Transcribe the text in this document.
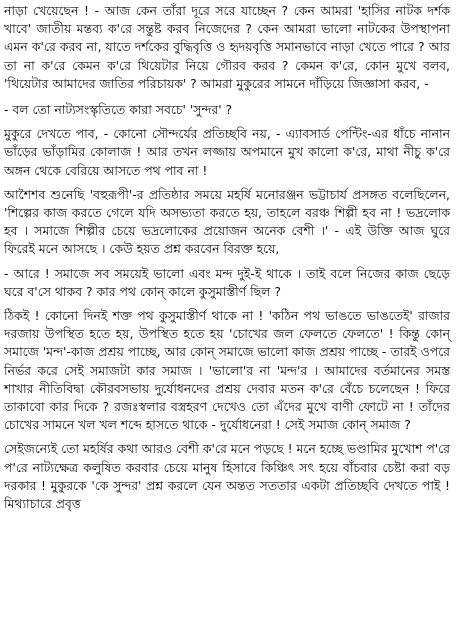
নাড়া খেয়েছেন ! - আজ কেন তাঁরা দূরে সরে যাচ্ছেন ? কেন আমরা 'হাসির নাটক দর্শক খাবে' জাতীয় মন্তব্য ক'রে সন্তুষ্ট করব নিজেদের ? কেন আমরা ভালো নাটকের উপস্থাপনা এমন ক'রে করব না, যাতে দর্শকের বুদ্ধিবৃত্তি ও হৃদয়বৃত্তি সমানভাবে নাড়া খেতে পারে ? আর তা না ক'রে কেমন ক'রে থিয়েটার নিয়ে গৌরব করব ? কেমন ক'রে, কোন মুখে বলব, 'থিয়েটার আমাদের জাতির পরিচায়ক' ? আমরা মুকুরের সামনে দাঁড়িয়ে জিজ্ঞাসা করব, -

- বল তো নাট্যসংস্কৃতিতে কারা সবচে' 'সুন্দর' ?

মুকুরে দেখতে পাব, - কোনো সৌন্দর্যের প্রতিচ্ছবি নয়, - এ্যাবসার্ড পেন্টিং-এর ধাঁচে নানান ভাঁড়ের ভাঁড়ামির কোলাজ ! আর তখন লজ্জায় অপমানে মুখ কালো ক'রে, মাথা নীচু ক'রে অঙ্গন থেকে বেরিয়ে আসতে পথ পাব না !

আশৈশব শুনেছি 'বহুরূপী'-র প্রতিষ্ঠার সময়ে মহর্ষি মনোরঞ্জন ভট্টাচার্য প্রসঙ্গত বলেছিলেন, 'শিল্পের কাজ করতে গেলে যদি অসভ্যতা করতে হয়, তাহলে বরঞ্চ শিল্পী হব না ! ভদ্রলোক হব । সমাজে শিল্পীর চেয়ে ভদ্রলোকের প্রয়োজন অনেক বেশী ।' - এই উক্তি আজ ঘুরে ফিরেই মনে আসছে । কেউ হয়ত প্রশ্ন করবেন বিরক্ত হয়ে,

- আরে ! সমাজে সব সময়েই ভালো এবং মন্দ দুই-ই থাকে । তাই বলে নিজের কাজ ছেড়ে ঘরে ব'সে থাকব ? কার পথ কোন্ কালে কুসুমাস্তীর্ণ ছিল ?

ঠিকই ! কোনো দিনই শক্ত পথ কুসুমাস্তীর্ণ থাকে না ! 'কঠিন পথ ভাঙতে ভাঙতেই' রাজার দরজায় উপস্থিত হতে হয়, উপস্থিত হতে হয় 'চোখের জল ফেলতে ফেলতে' ! কিন্তু কোন্ সমাজে 'মন্দ'-কাজ প্রশ্রয় পাচ্ছে, আর কোন্ সমাজে ভালো কাজ প্রশ্রয় পাচ্ছে - তারই ওপরে নির্ভর করে সেই সমাজটা কার সমাজ । 'ভালো'র না 'মন্দ'র । আমাদের বর্তমানের সমস্ত শাখার নীতিবিদ্বা কৌরবসভায় দুর্যোধনদের প্রশ্রয় দেবার মতন ক'রে বেঁচে চলেছেন ! ফিরে তাকাবো কার দিকে ? রজঃস্বলার বস্ত্রহরণ দেখেও তো এঁদের মুখে বাণী ফোটে না ! তাঁদের চোখের সামনে খল খল শব্দে হাসতে থাকে - দুর্যোধনেরা ! সেই সমাজ কোন্ সমাজ ?

সেইজন্যেই তো মহর্ষির কথা আরও বেশী ক'রে মনে পড়ছে ! মনে হচ্ছে ভণ্ডামির মুখোশ প'রে প'রে নাট্যক্ষেত্র কলুষিত করবার চেয়ে মানুষ হিসাবে কিঞ্চিৎ সৎ হয়ে বাঁচবার চেষ্টা করা বড় দরকার ! মুকুরকে 'কে সুন্দর' প্রশ্ন করলে যেন অন্তত সততার একটা প্রতিচ্ছবি দেখতে পাই ! মিথ্যাচারে প্রবৃত্ত
